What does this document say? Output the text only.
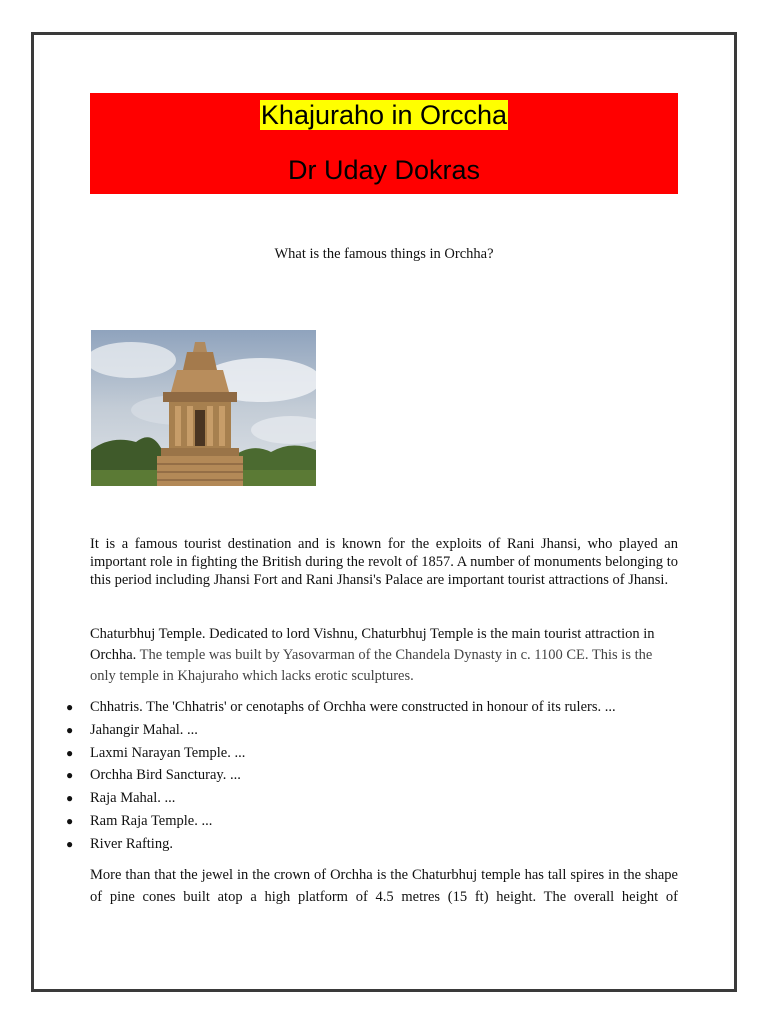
Khajuraho in Orccha
Dr Uday Dokras
What is the famous things in Orchha?
It is a famous tourist destination and is known for the exploits of Rani Jhansi, who played an important role in fighting the British during the revolt of 1857. A number of monuments belonging to this period including Jhansi Fort and Rani Jhansi's Palace are important tourist attractions of Jhansi.
Chaturbhuj Temple. Dedicated to lord Vishnu, Chaturbhuj Temple is the main tourist attraction in Orchha. The temple was built by Yasovarman of the Chandela Dynasty in c. 1100 CE. This is the only temple in Khajuraho which lacks erotic sculptures.
● Chhatris. The 'Chhatris' or cenotaphs of Orchha were constructed in honour of its rulers. ...
● Jahangir Mahal. ...
● Laxmi Narayan Temple. ...
● Orchha Bird Sancturay. ...
● Raja Mahal. ...
● Ram Raja Temple. ...
● River Rafting.
More than that the jewel in the crown of Orchha is the Chaturbhuj temple has tall spires in the shape of pine cones built atop a high platform of 4.5 metres (15 ft) height. The overall height of
